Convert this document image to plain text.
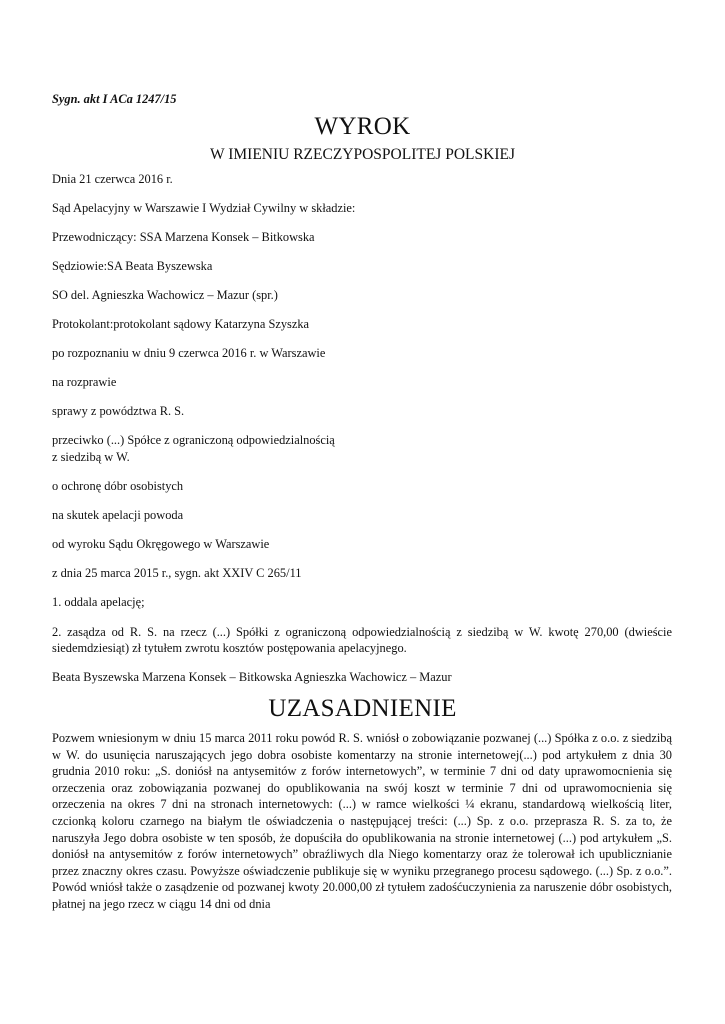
Sygn. akt I ACa 1247/15
WYROK
W IMIENIU RZECZYPOSPOLITEJ POLSKIEJ
Dnia 21 czerwca 2016 r.
Sąd Apelacyjny w Warszawie I Wydział Cywilny w składzie:
Przewodniczący: SSA Marzena Konsek – Bitkowska
Sędziowie:SA Beata Byszewska
SO del. Agnieszka Wachowicz – Mazur (spr.)
Protokolant:protokolant sądowy Katarzyna Szyszka
po rozpoznaniu w dniu 9 czerwca 2016 r. w Warszawie
na rozprawie
sprawy z powództwa R. S.
przeciwko (...) Spółce z ograniczoną odpowiedzialnością
z siedzibą w W.
o ochronę dóbr osobistych
na skutek apelacji powoda
od wyroku Sądu Okręgowego w Warszawie
z dnia 25 marca 2015 r., sygn. akt XXIV C 265/11
1. oddala apelację;

2. zasądza od R. S. na rzecz (...) Spółki z ograniczoną odpowiedzialnością z siedzibą w W. kwotę 270,00 (dwieście siedemdziesiąt) zł tytułem zwrotu kosztów postępowania apelacyjnego.

Beata Byszewska Marzena Konsek – Bitkowska Agnieszka Wachowicz – Mazur
UZASADNIENIE

Pozwem wniesionym w dniu 15 marca 2011 roku powód R. S. wniósł o zobowiązanie pozwanej (...) Spółka z o.o. z siedzibą w W. do usunięcia naruszających jego dobra osobiste komentarzy na stronie internetowej(...) pod artykułem z dnia 30 grudnia 2010 roku: „S. doniósł na antysemitów z forów internetowych”, w terminie 7 dni od daty uprawomocnienia się orzeczenia oraz zobowiązania pozwanej do opublikowania na swój koszt w terminie 7 dni od uprawomocnienia się orzeczenia na okres 7 dni na stronach internetowych: (...) w ramce wielkości ¼ ekranu, standardową wielkością liter, czcionką koloru czarnego na białym tle oświadczenia o następującej treści: (...) Sp. z o.o. przeprasza R. S. za to, że naruszyła Jego dobra osobiste w ten sposób, że dopuściła do opublikowania na stronie internetowej (...) pod artykułem „S. doniósł na antysemitów z forów internetowych” obraźliwych dla Niego komentarzy oraz że tolerował ich upublicznianie przez znaczny okres czasu. Powyższe oświadczenie publikuje się w wyniku przegranego procesu sądowego. (...) Sp. z o.o.”. Powód wniósł także o zasądzenie od pozwanej kwoty 20.000,00 zł tytułem zadośćuczynienia za naruszenie dóbr osobistych, płatnej na jego rzecz w ciągu 14 dni od dnia
